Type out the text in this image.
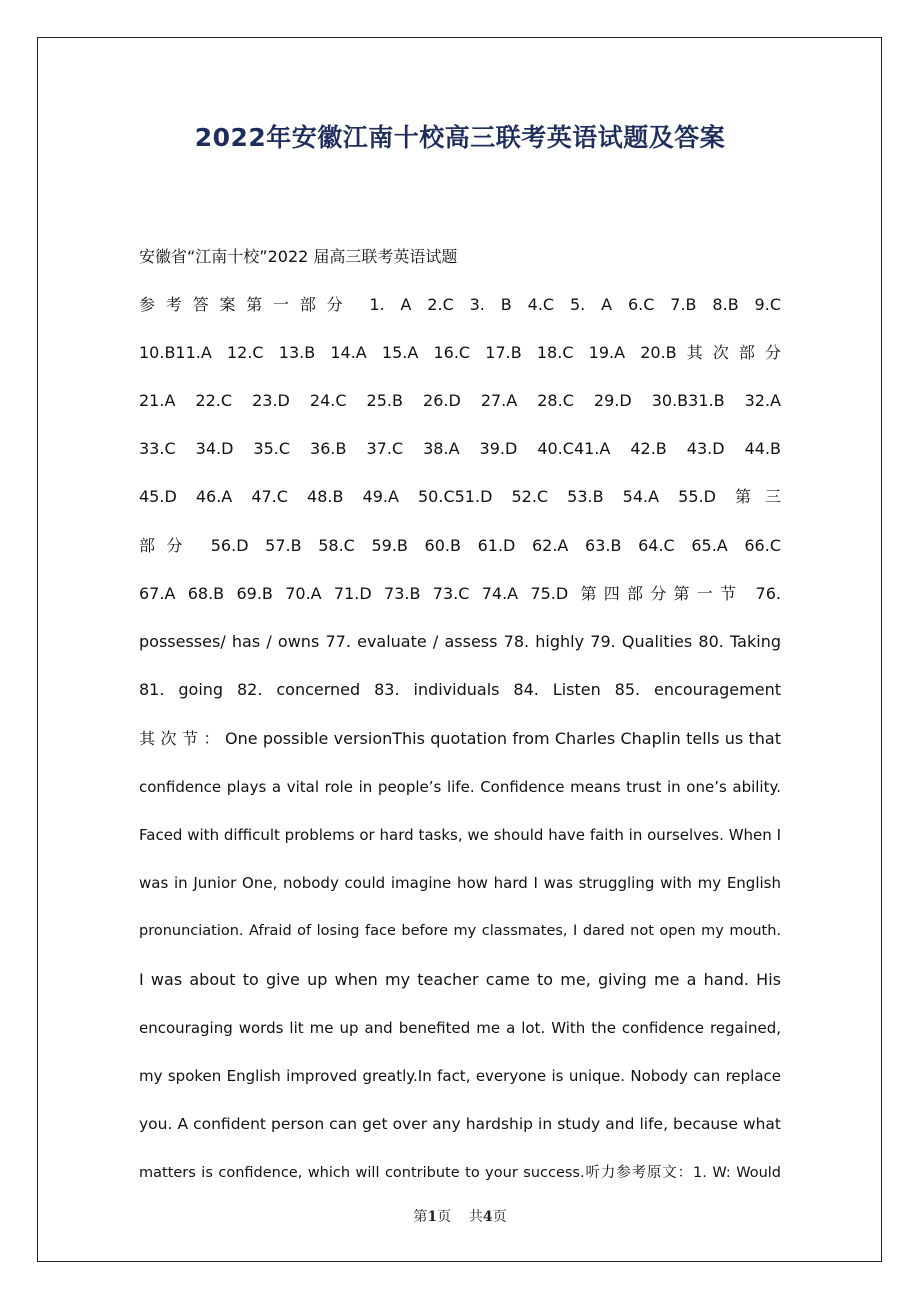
2022年安徽江南十校高三联考英语试题及答案
安徽省“江南十校”2022 届高三联考英语试题
参考答案第一部分 1. A 2.C 3. B 4.C 5. A 6.C 7.B 8.B 9.C
10.B11.A 12.C 13.B 14.A 15.A 16.C 17.B 18.C 19.A 20.B其次部分
21.A 22.C 23.D 24.C 25.B 26.D 27.A 28.C 29.D 30.B31.B 32.A
33.C 34.D 35.C 36.B 37.C 38.A 39.D 40.C41.A 42.B 43.D 44.B
45.D 46.A 47.C 48.B 49.A 50.C51.D 52.C 53.B 54.A 55.D 第三
部分 56.D 57.B 58.C 59.B 60.B 61.D 62.A 63.B 64.C 65.A 66.C
67.A 68.B 69.B 70.A 71.D 73.B 73.C 74.A 75.D 第四部分第一节 76.
possesses/ has / owns 77. evaluate / assess 78. highly 79. Qualities 80. Taking
81. going 82. concerned 83. individuals 84. Listen 85. encouragement
其 次 节 ： One possible versionThis quotation from Charles Chaplin tells us that
confidence plays a vital role in people’s life. Confidence means trust in one’s ability.
Faced with difficult problems or hard tasks, we should have faith in ourselves. When I
was in Junior One, nobody could imagine how hard I was struggling with my English
pronunciation. Afraid of losing face before my classmates, I dared not open my mouth.
I was about to give up when my teacher came to me, giving me a hand. His
encouraging words lit me up and benefited me a lot. With the confidence regained,
my spoken English improved greatly.In fact, everyone is unique. Nobody can replace
you. A confident person can get over any hardship in study and life, because what
matters is confidence, which will contribute to your success.听力参考原文：1. W: Would
第1页 共4页
